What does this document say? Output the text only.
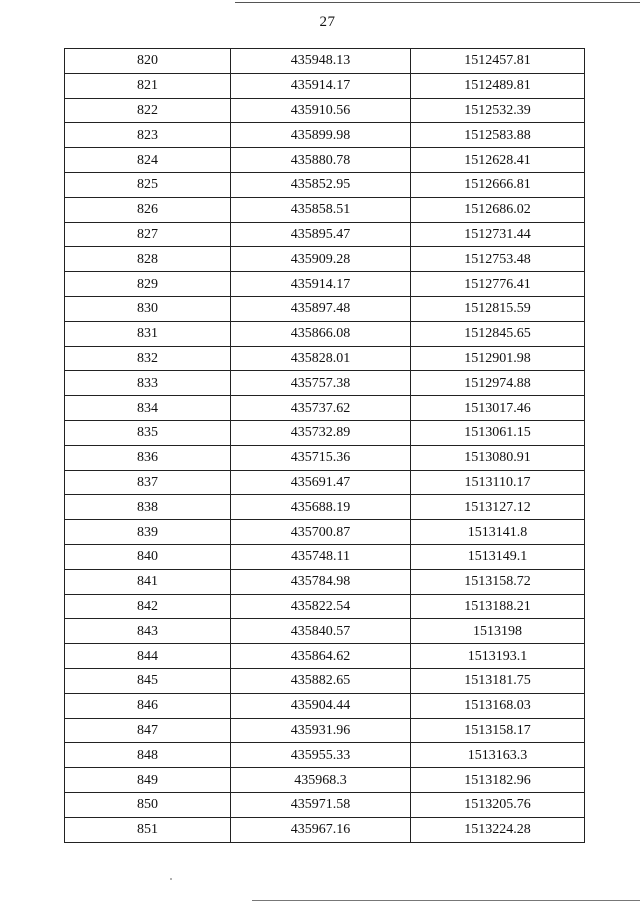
27
820	435948.13	1512457.81
821	435914.17	1512489.81
822	435910.56	1512532.39
823	435899.98	1512583.88
824	435880.78	1512628.41
825	435852.95	1512666.81
826	435858.51	1512686.02
827	435895.47	1512731.44
828	435909.28	1512753.48
829	435914.17	1512776.41
830	435897.48	1512815.59
831	435866.08	1512845.65
832	435828.01	1512901.98
833	435757.38	1512974.88
834	435737.62	1513017.46
835	435732.89	1513061.15
836	435715.36	1513080.91
837	435691.47	1513110.17
838	435688.19	1513127.12
839	435700.87	1513141.8
840	435748.11	1513149.1
841	435784.98	1513158.72
842	435822.54	1513188.21
843	435840.57	1513198
844	435864.62	1513193.1
845	435882.65	1513181.75
846	435904.44	1513168.03
847	435931.96	1513158.17
848	435955.33	1513163.3
849	435968.3	1513182.96
850	435971.58	1513205.76
851	435967.16	1513224.28
